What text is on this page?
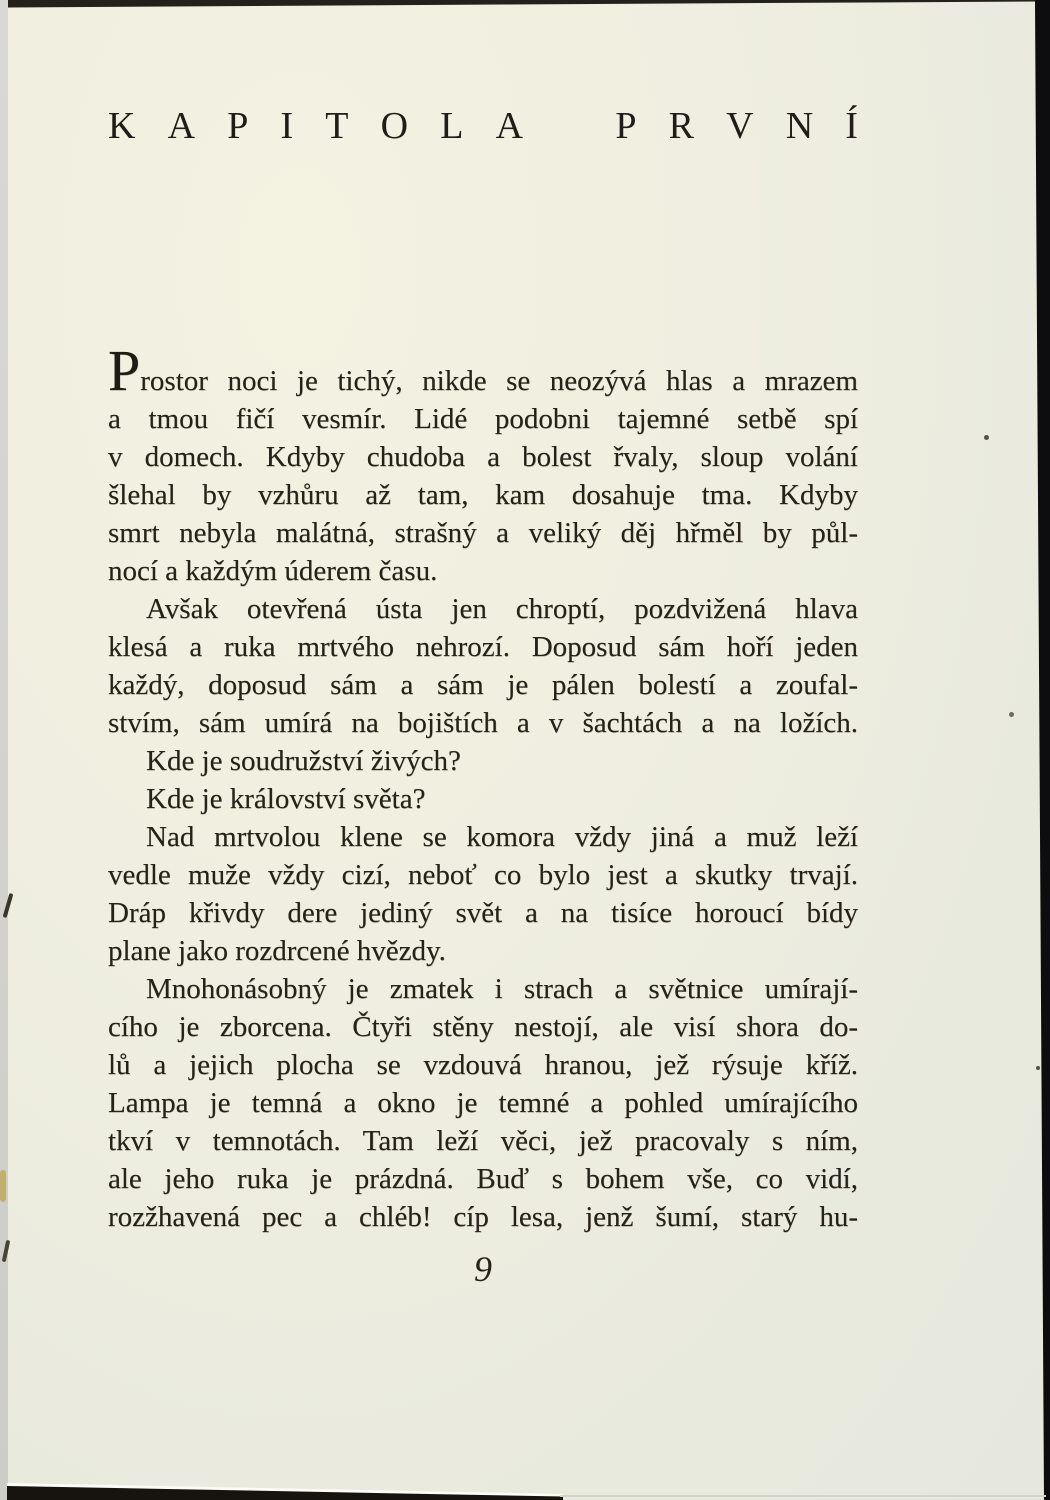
K A P I T O L A
P R V N Í
Prostor noci je tichý, nikde se neozývá hlas a mrazem
a tmou fičí vesmír. Lidé podobni tajemné setbě spí
v domech. Kdyby chudoba a bolest řvaly, sloup volání
šlehal by vzhůru až tam, kam dosahuje tma. Kdyby
smrt nebyla malátná, strašný a veliký děj hřměl by půl-
nocí a každým úderem času.
Avšak otevřená ústa jen chroptí, pozdvižená hlava
klesá a ruka mrtvého nehrozí. Doposud sám hoří jeden
každý, doposud sám a sám je pálen bolestí a zoufal-
stvím, sám umírá na bojištích a v šachtách a na ložích.
Kde je soudružství živých?
Kde je království světa?
Nad mrtvolou klene se komora vždy jiná a muž leží
vedle muže vždy cizí, neboť co bylo jest a skutky trvají.
Dráp křivdy dere jediný svět a na tisíce horoucí bídy
plane jako rozdrcené hvězdy.
Mnohonásobný je zmatek i strach a světnice umírají-
cího je zborcena. Čtyři stěny nestojí, ale visí shora do-
lů a jejich plocha se vzdouvá hranou, jež rýsuje kříž.
Lampa je temná a okno je temné a pohled umírajícího
tkví v temnotách. Tam leží věci, jež pracovaly s ním,
ale jeho ruka je prázdná. Buď s bohem vše, co vidí,
rozžhavená pec a chléb! cíp lesa, jenž šumí, starý hu-
9
